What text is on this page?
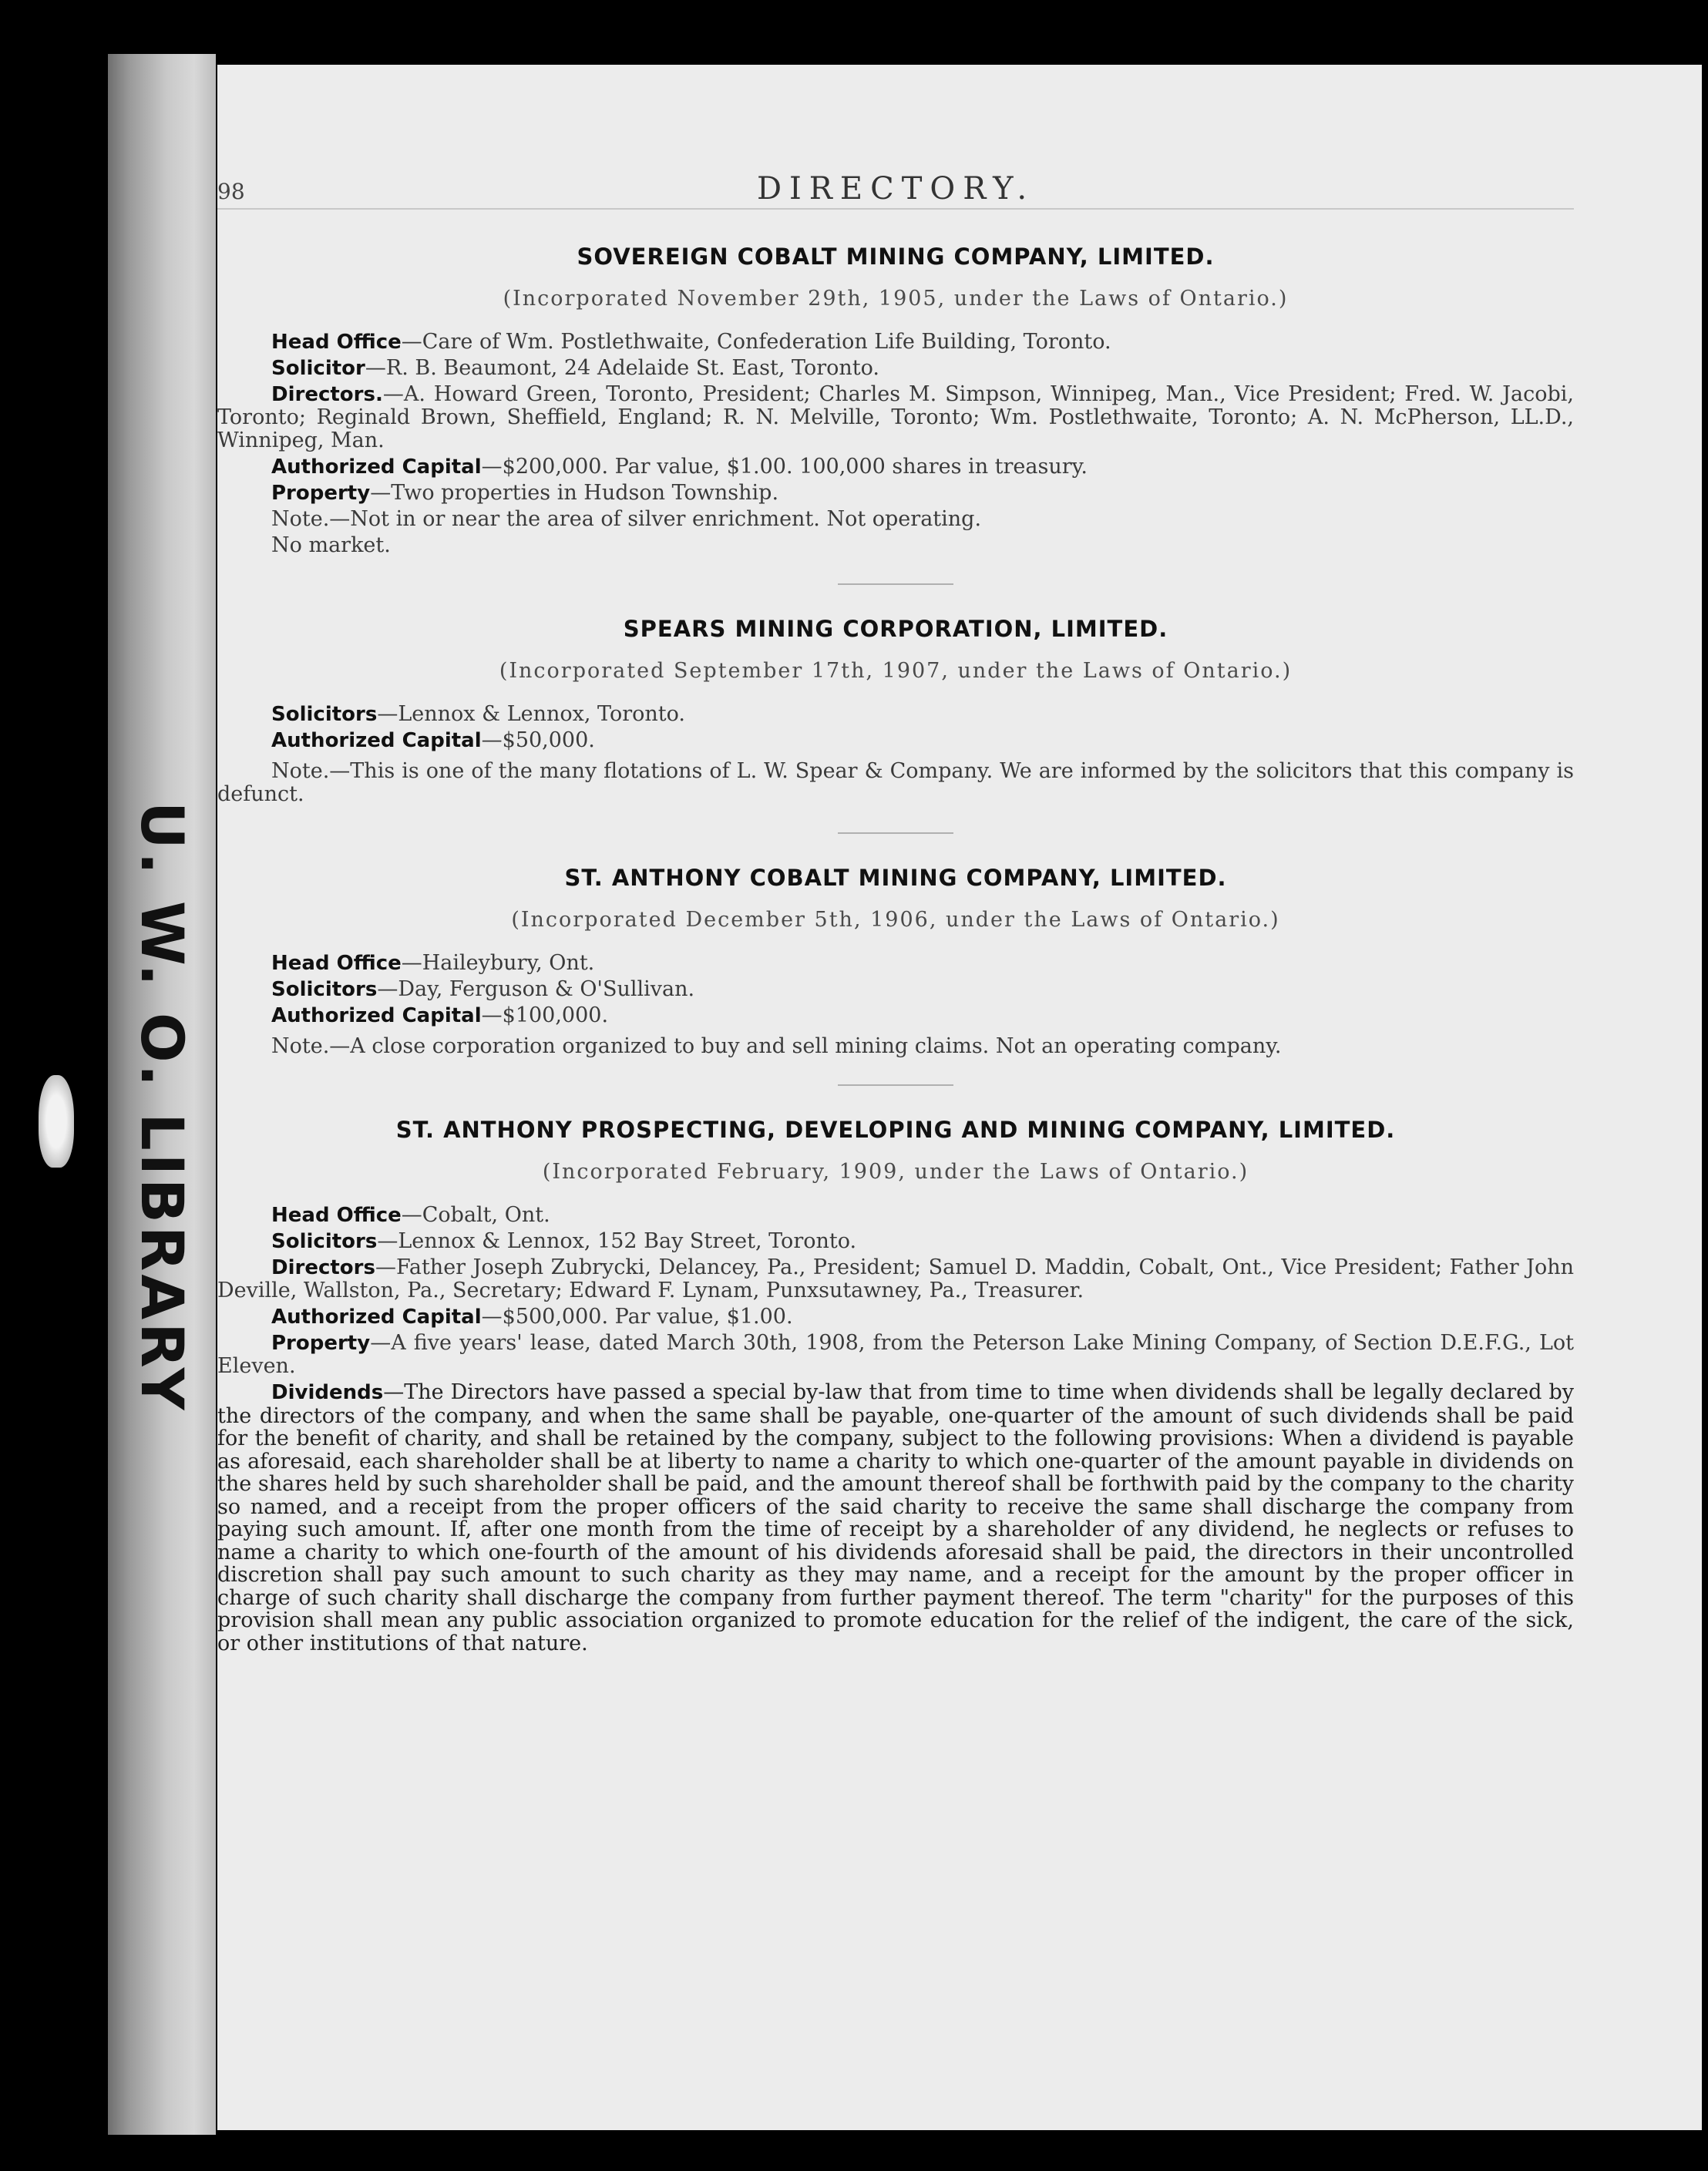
U. W. O. LIBRARY
98	DIRECTORY.
SOVEREIGN COBALT MINING COMPANY, LIMITED.
(Incorporated November 29th, 1905, under the Laws of Ontario.)

Head Office—Care of Wm. Postlethwaite, Confederation Life Building, Toronto.

Solicitor—R. B. Beaumont, 24 Adelaide St. East, Toronto.

Directors.—A. Howard Green, Toronto, President; Charles M. Simpson, Winnipeg, Man., Vice President; Fred. W. Jacobi, Toronto; Reginald Brown, Sheffield, England; R. N. Melville, Toronto; Wm. Postlethwaite, Toronto; A. N. McPherson, LL.D., Winnipeg, Man.

Authorized Capital—$200,000. Par value, $1.00. 100,000 shares in treasury.

Property—Two properties in Hudson Township.

Note.—Not in or near the area of silver enrichment. Not operating.

No market.

SPEARS MINING CORPORATION, LIMITED.
(Incorporated September 17th, 1907, under the Laws of Ontario.)

Solicitors—Lennox & Lennox, Toronto.

Authorized Capital—$50,000.

Note.—This is one of the many flotations of L. W. Spear & Company. We are informed by the solicitors that this company is defunct.

ST. ANTHONY COBALT MINING COMPANY, LIMITED.
(Incorporated December 5th, 1906, under the Laws of Ontario.)

Head Office—Haileybury, Ont.

Solicitors—Day, Ferguson & O'Sullivan.

Authorized Capital—$100,000.

Note.—A close corporation organized to buy and sell mining claims. Not an operating company.

ST. ANTHONY PROSPECTING, DEVELOPING AND MINING COMPANY, LIMITED.
(Incorporated February, 1909, under the Laws of Ontario.)

Head Office—Cobalt, Ont.

Solicitors—Lennox & Lennox, 152 Bay Street, Toronto.

Directors—Father Joseph Zubrycki, Delancey, Pa., President; Samuel D. Maddin, Cobalt, Ont., Vice President; Father John Deville, Wallston, Pa., Secretary; Edward F. Lynam, Punxsutawney, Pa., Treasurer.

Authorized Capital—$500,000. Par value, $1.00.

Property—A five years' lease, dated March 30th, 1908, from the Peterson Lake Mining Company, of Section D.E.F.G., Lot Eleven.

Dividends—The Directors have passed a special by-law that from time to time when dividends shall be legally declared by the directors of the company, and when the same shall be payable, one-quarter of the amount of such dividends shall be paid for the benefit of charity, and shall be retained by the company, subject to the following provisions: When a dividend is payable as aforesaid, each shareholder shall be at liberty to name a charity to which one-quarter of the amount payable in dividends on the shares held by such shareholder shall be paid, and the amount thereof shall be forthwith paid by the company to the charity so named, and a receipt from the proper officers of the said charity to receive the same shall discharge the company from paying such amount. If, after one month from the time of receipt by a shareholder of any dividend, he neglects or refuses to name a charity to which one-fourth of the amount of his dividends aforesaid shall be paid, the directors in their uncontrolled discretion shall pay such amount to such charity as they may name, and a receipt for the amount by the proper officer in charge of such charity shall discharge the company from further payment thereof. The term "charity" for the purposes of this provision shall mean any public association organized to promote education for the relief of the indigent, the care of the sick, or other institutions of that nature.
